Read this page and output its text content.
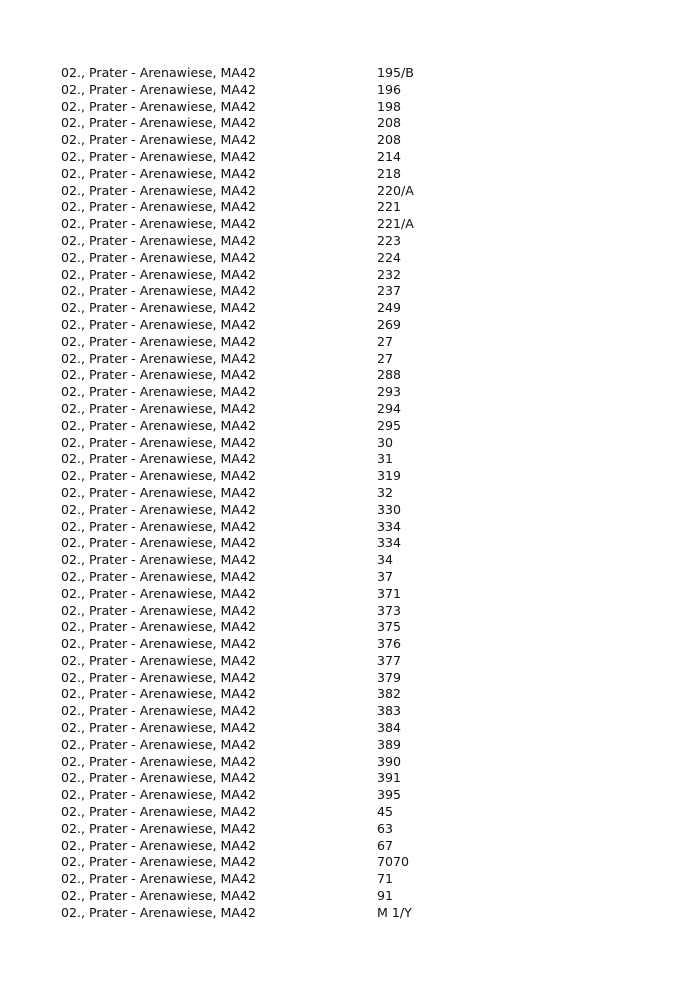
02., Prater - Arenawiese, MA42	195/B
02., Prater - Arenawiese, MA42	196
02., Prater - Arenawiese, MA42	198
02., Prater - Arenawiese, MA42	208
02., Prater - Arenawiese, MA42	208
02., Prater - Arenawiese, MA42	214
02., Prater - Arenawiese, MA42	218
02., Prater - Arenawiese, MA42	220/A
02., Prater - Arenawiese, MA42	221
02., Prater - Arenawiese, MA42	221/A
02., Prater - Arenawiese, MA42	223
02., Prater - Arenawiese, MA42	224
02., Prater - Arenawiese, MA42	232
02., Prater - Arenawiese, MA42	237
02., Prater - Arenawiese, MA42	249
02., Prater - Arenawiese, MA42	269
02., Prater - Arenawiese, MA42	27
02., Prater - Arenawiese, MA42	27
02., Prater - Arenawiese, MA42	288
02., Prater - Arenawiese, MA42	293
02., Prater - Arenawiese, MA42	294
02., Prater - Arenawiese, MA42	295
02., Prater - Arenawiese, MA42	30
02., Prater - Arenawiese, MA42	31
02., Prater - Arenawiese, MA42	319
02., Prater - Arenawiese, MA42	32
02., Prater - Arenawiese, MA42	330
02., Prater - Arenawiese, MA42	334
02., Prater - Arenawiese, MA42	334
02., Prater - Arenawiese, MA42	34
02., Prater - Arenawiese, MA42	37
02., Prater - Arenawiese, MA42	371
02., Prater - Arenawiese, MA42	373
02., Prater - Arenawiese, MA42	375
02., Prater - Arenawiese, MA42	376
02., Prater - Arenawiese, MA42	377
02., Prater - Arenawiese, MA42	379
02., Prater - Arenawiese, MA42	382
02., Prater - Arenawiese, MA42	383
02., Prater - Arenawiese, MA42	384
02., Prater - Arenawiese, MA42	389
02., Prater - Arenawiese, MA42	390
02., Prater - Arenawiese, MA42	391
02., Prater - Arenawiese, MA42	395
02., Prater - Arenawiese, MA42	45
02., Prater - Arenawiese, MA42	63
02., Prater - Arenawiese, MA42	67
02., Prater - Arenawiese, MA42	7070
02., Prater - Arenawiese, MA42	71
02., Prater - Arenawiese, MA42	91
02., Prater - Arenawiese, MA42	M 1/Y
